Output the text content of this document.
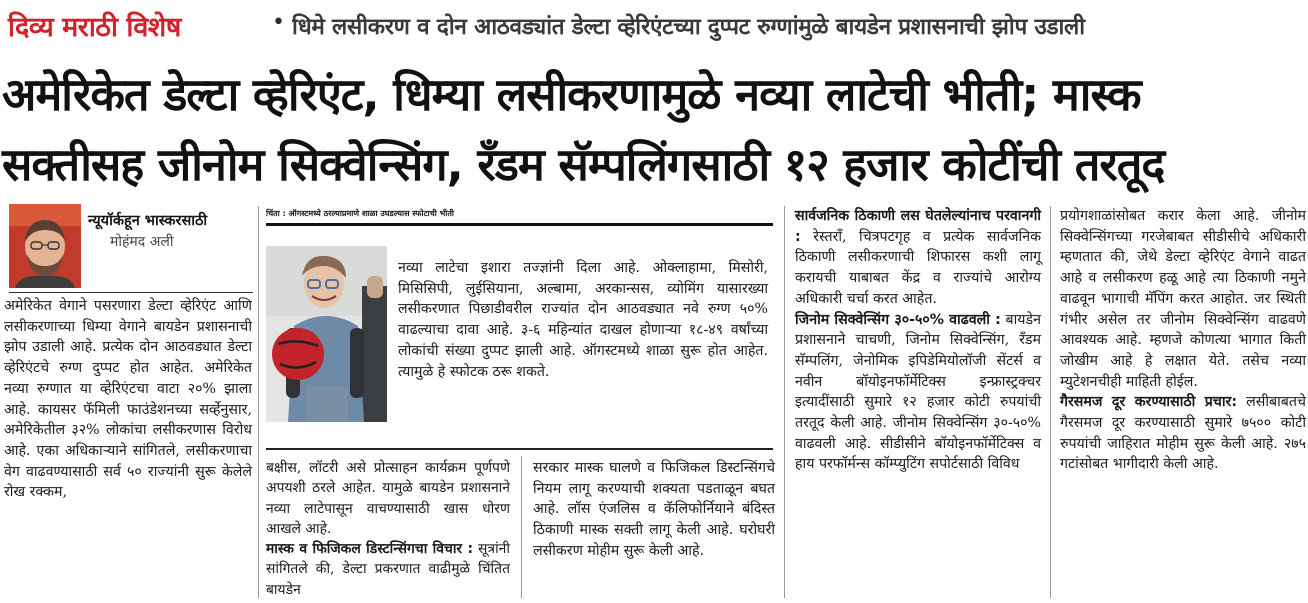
दिव्य मराठी विशेष	• धिमे लसीकरण व दोन आठवड्यांत डेल्टा व्हेरिएंटच्या दुप्पट रुग्णांमुळे बायडेन प्रशासनाची झोप उडाली
अमेरिकेत डेल्टा व्हेरिएंट, धिम्या लसीकरणामुळे नव्या लाटेची भीती; मास्क
सक्तीसह जीनोम सिक्वेन्सिंग, रँडम सॅम्पलिंगसाठी १२ हजार कोटींची तरतूद
न्यूयॉर्कहून भास्करसाठी
मोहंमद अली

अमेरिकेत वेगाने पसरणारा डेल्टा व्हेरिएंट आणि लसीकरणाच्या धिम्या वेगाने बायडेन प्रशासनाची झोप उडाली आहे. प्रत्येक दोन आठवड्यात डेल्टा व्हेरिएंटचे रुग्ण दुप्पट होत आहेत. अमेरिकेत नव्या रुग्णात या व्हेरिएंटचा वाटा २०% झाला आहे. कायसर फॅमिली फाउंडेशनच्या सर्व्हेनुसार, अमेरिकेतील ३२% लोकांचा लसीकरणास विरोध आहे. एका अधिकाऱ्याने सांगितले, लसीकरणाचा वेग वाढवण्यासाठी सर्व ५० राज्यांनी सुरू केलेले रोख रक्कम,

चिंता : ऑगस्टमध्ये ठरल्याप्रमाणे शाळा उघडल्यास स्फोटाची भीती

नव्या लाटेचा इशारा तज्ज्ञांनी दिला आहे. ओक्लाहामा, मिसोरी, मिसिसिपी, लुईसियाना, अल्बामा, अरकान्सस, व्योमिंग यासारख्या लसीकरणात पिछाडीवरील राज्यांत दोन आठवड्यात नवे रुग्ण ५०% वाढल्याचा दावा आहे. ३-६ महिन्यांत दाखल होणाऱ्या १८-४९ वर्षांच्या लोकांची संख्या दुप्पट झाली आहे. ऑगस्टमध्ये शाळा सुरू होत आहेत. त्यामुळे हे स्फोटक ठरू शकते.

बक्षीस, लॉटरी असे प्रोत्साहन कार्यक्रम पूर्णपणे अपयशी ठरले आहेत. यामुळे बायडेन प्रशासनाने नव्या लाटेपासून वाचण्यासाठी खास धोरण आखले आहे.

मास्क व फिजिकल डिस्टन्सिंगचा विचार : सूत्रांनी सांगितले की, डेल्टा प्रकरणात वाढीमुळे चिंतित बायडेन

सरकार मास्क घालणे व फिजिकल डिस्टन्सिंगचे नियम लागू करण्याची शक्यता पडताळून बघत आहे. लॉस एंजलिस व कॅलिफोर्नियाने बंदिस्त ठिकाणी मास्क सक्ती लागू केली आहे. घरोघरी लसीकरण मोहीम सुरू केली आहे.

सार्वजनिक ठिकाणी लस घेतलेल्यांनाच परवानगी : रेस्तराँ, चित्रपटगृह व प्रत्येक सार्वजनिक ठिकाणी लसीकरणाची शिफारस कशी लागू करायची याबाबत केंद्र व राज्यांचे आरोग्य अधिकारी चर्चा करत आहेत.

जिनोम सिक्वेन्सिंग ३०-५०% वाढवली : बायडेन प्रशासनाने चाचणी, जिनोम सिक्वेन्सिंग, रँडम सॅम्पलिंग, जेनोमिक इपिडेमियोलॉजी सेंटर्स व नवीन बॉयोइनफॉर्मेटिक्स इन्फ्रास्ट्रक्चर इत्यादींसाठी सुमारे १२ हजार कोटी रुपयांची तरतूद केली आहे. जीनोम सिक्वेन्सिंग ३०-५०% वाढवली आहे. सीडीसीने बॉयोइनफॉर्मेटिक्स व हाय परफॉर्मन्स कॉम्प्युटिंग सपोर्टसाठी विविध

प्रयोगशाळांसोबत करार केला आहे. जीनोम सिक्वेन्सिंगच्या गरजेबाबत सीडीसीचे अधिकारी म्हणतात की, जेथे डेल्टा व्हेरिएंट वेगाने वाढत आहे व लसीकरण हळू आहे त्या ठिकाणी नमुने वाढवून भागाची मॅपिंग करत आहोत. जर स्थिती गंभीर असेल तर जीनोम सिक्वेन्सिंग वाढवणे आवश्यक आहे. म्हणजे कोणत्या भागात किती जोखीम आहे हे लक्षात येते. तसेच नव्या म्युटेशनचीही माहिती होईल.

गैरसमज दूर करण्यासाठी प्रचार: लसीबाबतचे गैरसमज दूर करण्यासाठी सुमारे ७५०० कोटी रुपयांची जाहिरात मोहीम सुरू केली आहे. २७५ गटांसोबत भागीदारी केली आहे.
